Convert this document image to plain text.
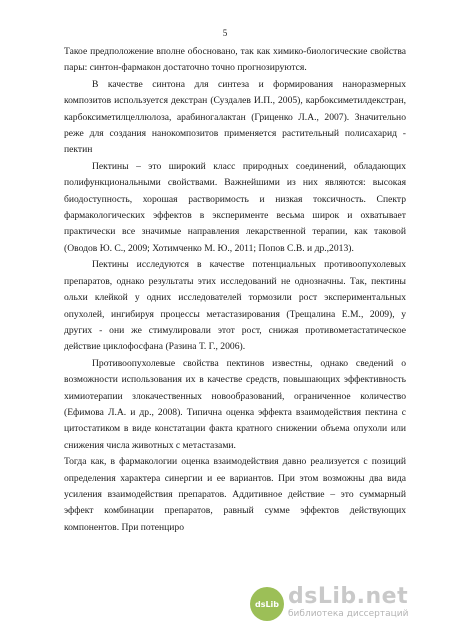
5

Такое предположение вполне обосновано, так как химико-биологические свойства пары: синтон-фармакон достаточно точно прогнозируются.

В качестве синтона для синтеза и формирования наноразмерных композитов используется декстран (Суздалев И.П., 2005), карбоксиметилдекстран, карбоксиметилцеллюлоза, арабиногалактан (Гриценко Л.А., 2007). Значительно реже для создания нанокомпозитов применяется растительный полисахарид - пектин

Пектины – это широкий класс природных соединений, обладающих полифункциональными свойствами. Важнейшими из них являются: высокая биодоступность, хорошая растворимость и низкая токсичность. Спектр фармакологических эффектов в эксперименте весьма широк и охватывает практически все значимые направления лекарственной терапии, как таковой (Оводов Ю. С., 2009; Хотимченко М. Ю., 2011; Попов С.В. и др.,2013).

Пектины исследуются в качестве потенциальных противоопухолевых препаратов, однако результаты этих исследований не однозначны. Так, пектины ольхи клейкой у одних исследователей тормозили рост экспериментальных опухолей, ингибируя процессы метастазирования (Трещалина Е.М., 2009), у других - они же стимулировали этот рост, снижая противометастатическое действие циклофосфана (Разина Т. Г., 2006).

Противоопухолевые свойства пектинов известны, однако сведений о возможности использования их в качестве средств, повышающих эффективность химиотерапии злокачественных новообразований, ограниченное количество (Ефимова Л.А. и др., 2008). Типична оценка эффекта взаимодействия пектина с цитостатиком в виде констатации факта кратного снижении объема опухоли или снижения числа животных с метастазами.

Тогда как, в фармакологии оценка взаимодействия давно реализуется с позиций определения характера синергии и ее вариантов. При этом возможны два вида усиления взаимодействия препаратов. Аддитивное действие – это суммарный эффект комбинации препаратов, равный сумме эффектов действующих компонентов. При потенциро

dsLib dsLib.net
библиотека диссертаций
